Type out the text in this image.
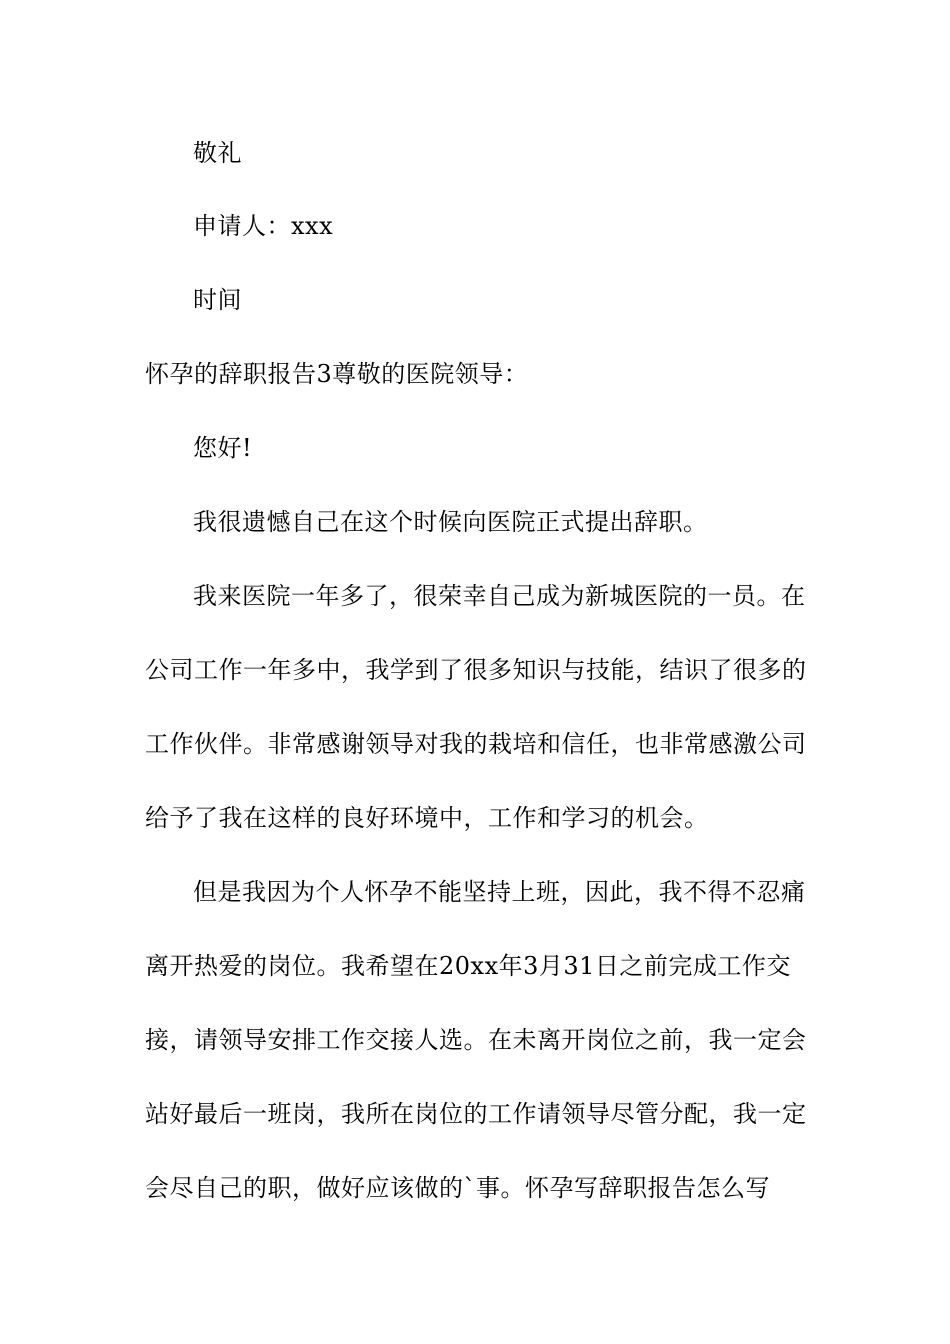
敬礼
申请人：xxx
时间
怀孕的辞职报告3尊敬的医院领导：
您好!
我很遗憾自己在这个时候向医院正式提出辞职。
我来医院一年多了，很荣幸自己成为新城医院的一员。在
公司工作一年多中，我学到了很多知识与技能，结识了很多的
工作伙伴。非常感谢领导对我的栽培和信任，也非常感激公司
给予了我在这样的良好环境中，工作和学习的机会。
但是我因为个人怀孕不能坚持上班，因此，我不得不忍痛
离开热爱的岗位。我希望在20xx年3月31日之前完成工作交
接，请领导安排工作交接人选。在未离开岗位之前，我一定会
站好最后一班岗，我所在岗位的工作请领导尽管分配，我一定
会尽自己的职，做好应该做的`事。怀孕写辞职报告怎么写
